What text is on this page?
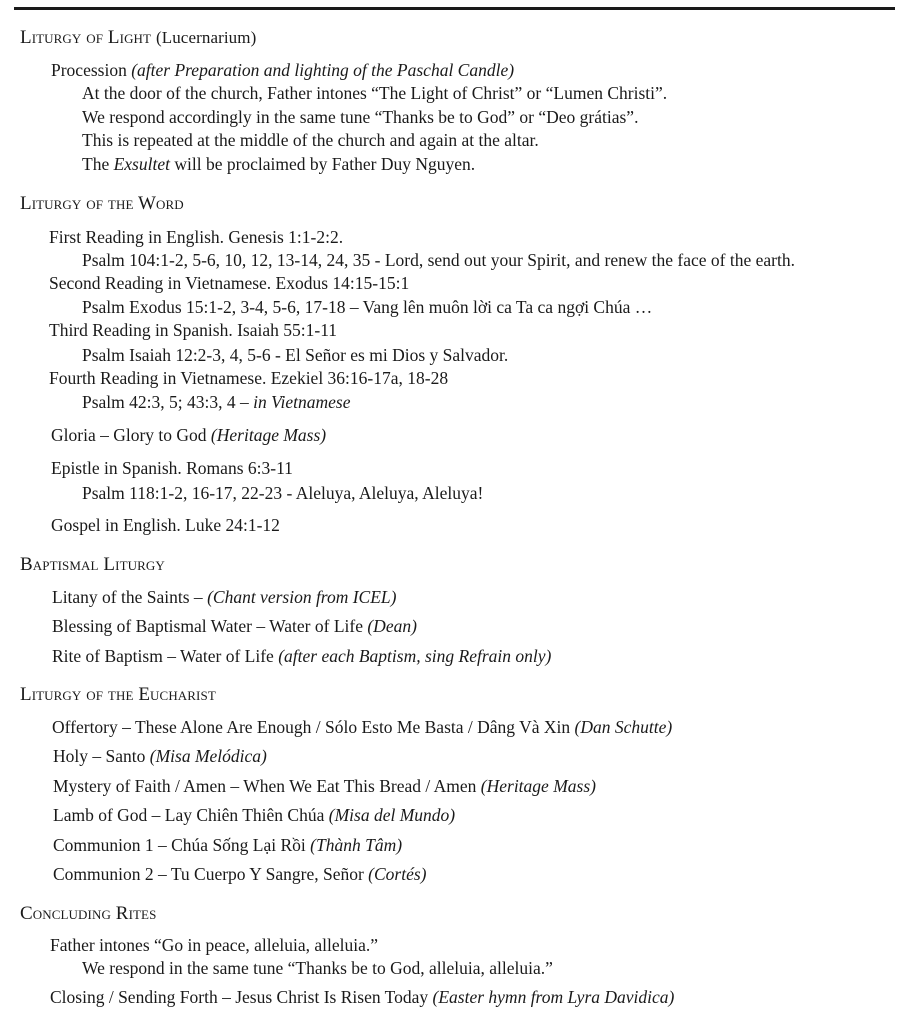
Liturgy of Light (Lucernarium)
Procession (after Preparation and lighting of the Paschal Candle)
At the door of the church, Father intones “The Light of Christ” or “Lumen Christi”.
We respond accordingly in the same tune “Thanks be to God” or “Deo grátias”.
This is repeated at the middle of the church and again at the altar.
The Exsultet will be proclaimed by Father Duy Nguyen.
Liturgy of the Word
First Reading in English. Genesis 1:1-2:2.
Psalm 104:1-2, 5-6, 10, 12, 13-14, 24, 35 - Lord, send out your Spirit, and renew the face of the earth.
Second Reading in Vietnamese. Exodus 14:15-15:1
Psalm Exodus 15:1-2, 3-4, 5-6, 17-18 – Vang lên muôn lời ca Ta ca ngợi Chúa …
Third Reading in Spanish. Isaiah 55:1-11
Psalm Isaiah 12:2-3, 4, 5-6 - El Señor es mi Dios y Salvador.
Fourth Reading in Vietnamese. Ezekiel 36:16-17a, 18-28
Psalm 42:3, 5; 43:3, 4 – in Vietnamese
Gloria – Glory to God (Heritage Mass)
Epistle in Spanish. Romans 6:3-11
Psalm 118:1-2, 16-17, 22-23 - Aleluya, Aleluya, Aleluya!
Gospel in English. Luke 24:1-12
Baptismal Liturgy
Litany of the Saints – (Chant version from ICEL)
Blessing of Baptismal Water – Water of Life (Dean)
Rite of Baptism – Water of Life (after each Baptism, sing Refrain only)
Liturgy of the Eucharist
Offertory – These Alone Are Enough / Sólo Esto Me Basta / Dâng Và Xin (Dan Schutte)
Holy – Santo (Misa Melódica)
Mystery of Faith / Amen – When We Eat This Bread / Amen (Heritage Mass)
Lamb of God – Lay Chiên Thiên Chúa (Misa del Mundo)
Communion 1 – Chúa Sống Lại Rồi (Thành Tâm)
Communion 2 – Tu Cuerpo Y Sangre, Señor (Cortés)
Concluding Rites
Father intones “Go in peace, alleluia, alleluia.”
We respond in the same tune “Thanks be to God, alleluia, alleluia.”
Closing / Sending Forth – Jesus Christ Is Risen Today (Easter hymn from Lyra Davidica)
